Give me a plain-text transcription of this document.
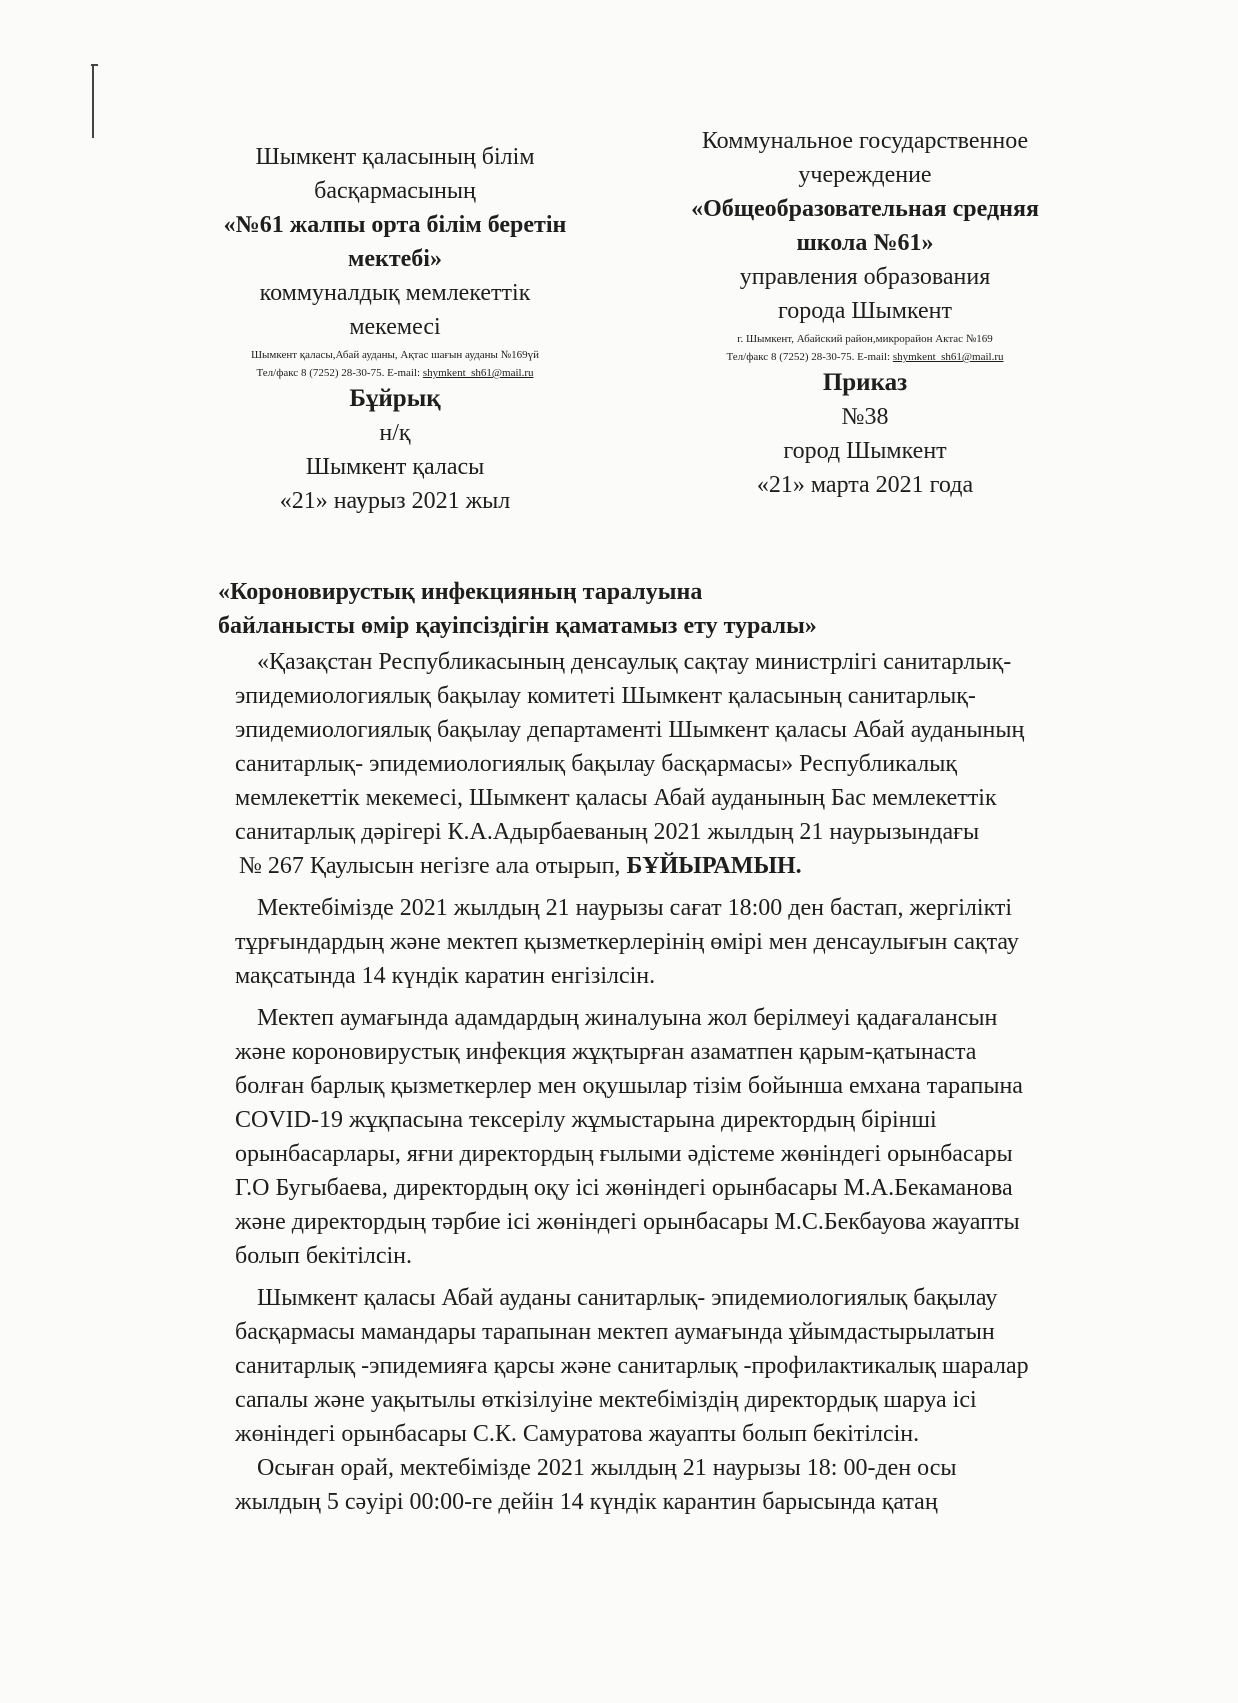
Шымкент қаласының білім
басқармасының
«№61 жалпы орта білім беретін
мектебі»
коммуналдық мемлекеттік
мекемесі
Шымкент қаласы,Абай ауданы, Ақтас шағын ауданы №169үй
Тел/факс 8 (7252) 28-30-75. E-mail: shymkent_sh61@mail.ru
Бұйрық
н/қ
Шымкент қаласы
«21» наурыз 2021 жыл
Коммунальное государственное
учереждение
«Общеобразовательная средняя
школа №61»
управления образования
города Шымкент
г. Шымкент, Абайский район,микрорайон Актас №169
Тел/факс 8 (7252) 28-30-75. E-mail: shymkent_sh61@mail.ru
Приказ
№38
город Шымкент
«21» марта 2021 года
«Короновирустық инфекцияның таралуына
байланысты өмір қауіпсіздігін қаматамыз ету туралы»
«Қазақстан Республикасының денсаулық сақтау министрлігі санитарлық-
эпидемиологиялық бақылау комитеті Шымкент қаласының санитарлық-
эпидемиологиялық бақылау департаменті Шымкент қаласы Абай ауданының
санитарлық- эпидемиологиялық бақылау басқармасы» Республикалық
мемлекеттік мекемесі, Шымкент қаласы Абай ауданының Бас мемлекеттік
санитарлық дәрігері К.А.Адырбаеваның 2021 жылдың 21 наурызындағы
№ 267 Қаулысын негізге ала отырып, БҰЙЫРАМЫН.
Мектебімізде 2021 жылдың 21 наурызы сағат 18:00 ден бастап, жергілікті
тұрғындардың және мектеп қызметкерлерінің өмірі мен денсаулығын сақтау
мақсатында 14 күндік каратин енгізілсін.
Мектеп аумағында адамдардың жиналуына жол берілмеуі қадағалансын
және короновирустық инфекция жұқтырған азаматпен қарым-қатынаста
болған барлық қызметкерлер мен оқушылар тізім бойынша емхана тарапына
COVID-19 жұқпасына тексерілу жұмыстарына директордың бірінші
орынбасарлары, яғни директордың ғылыми әдістеме жөніндегі орынбасары
Г.О Бугыбаева, директордың оқу ісі жөніндегі орынбасары М.А.Бекаманова
және директордың тәрбие ісі жөніндегі орынбасары М.С.Бекбауова жауапты
болып бекітілсін.
Шымкент қаласы Абай ауданы санитарлық- эпидемиологиялық бақылау
басқармасы мамандары тарапынан мектеп аумағында ұйымдастырылатын
санитарлық -эпидемияға қарсы және санитарлық -профилактикалық шаралар
сапалы және уақытылы өткізілуіне мектебіміздің директордық шаруа ісі
жөніндегі орынбасары С.К. Самуратова жауапты болып бекітілсін.
Осыған орай, мектебімізде 2021 жылдың 21 наурызы 18: 00-ден осы
жылдың 5 сәуірі 00:00-ге дейін 14 күндік карантин барысында қатаң
